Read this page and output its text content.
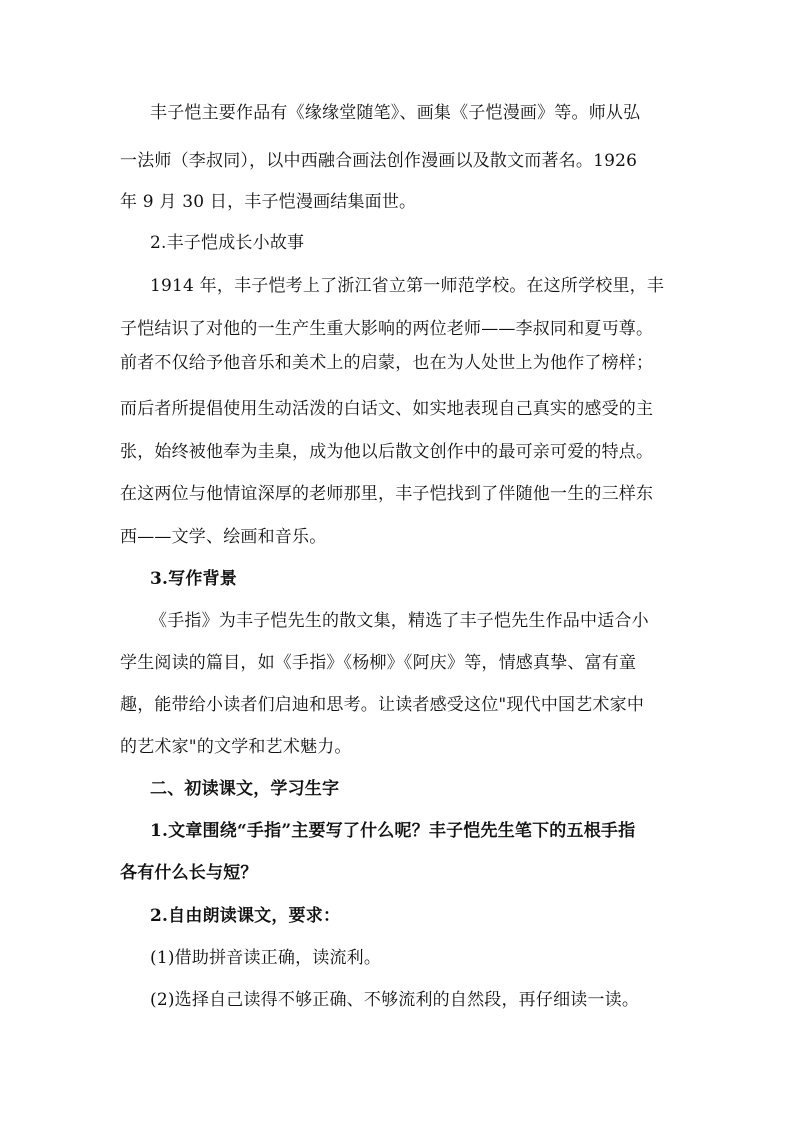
丰子恺主要作品有《缘缘堂随笔》、画集《子恺漫画》等。师从弘
一法师（李叔同），以中西融合画法创作漫画以及散文而著名。1926
年 9 月 30 日，丰子恺漫画结集面世。
2.丰子恺成长小故事
1914 年，丰子恺考上了浙江省立第一师范学校。在这所学校里，丰
子恺结识了对他的一生产生重大影响的两位老师——李叔同和夏丏尊。
前者不仅给予他音乐和美术上的启蒙，也在为人处世上为他作了榜样；
而后者所提倡使用生动活泼的白话文、如实地表现自己真实的感受的主
张，始终被他奉为圭臬，成为他以后散文创作中的最可亲可爱的特点。
在这两位与他情谊深厚的老师那里，丰子恺找到了伴随他一生的三样东
西——文学、绘画和音乐。
3.写作背景
《手指》为丰子恺先生的散文集，精选了丰子恺先生作品中适合小
学生阅读的篇目，如《手指》《杨柳》《阿庆》等，情感真挚、富有童
趣，能带给小读者们启迪和思考。让读者感受这位"现代中国艺术家中
的艺术家"的文学和艺术魅力。
二、初读课文，学习生字
1.文章围绕“手指”主要写了什么呢？丰子恺先生笔下的五根手指
各有什么长与短？
2.自由朗读课文，要求：
(1)借助拼音读正确，读流利。
(2)选择自己读得不够正确、不够流利的自然段，再仔细读一读。
